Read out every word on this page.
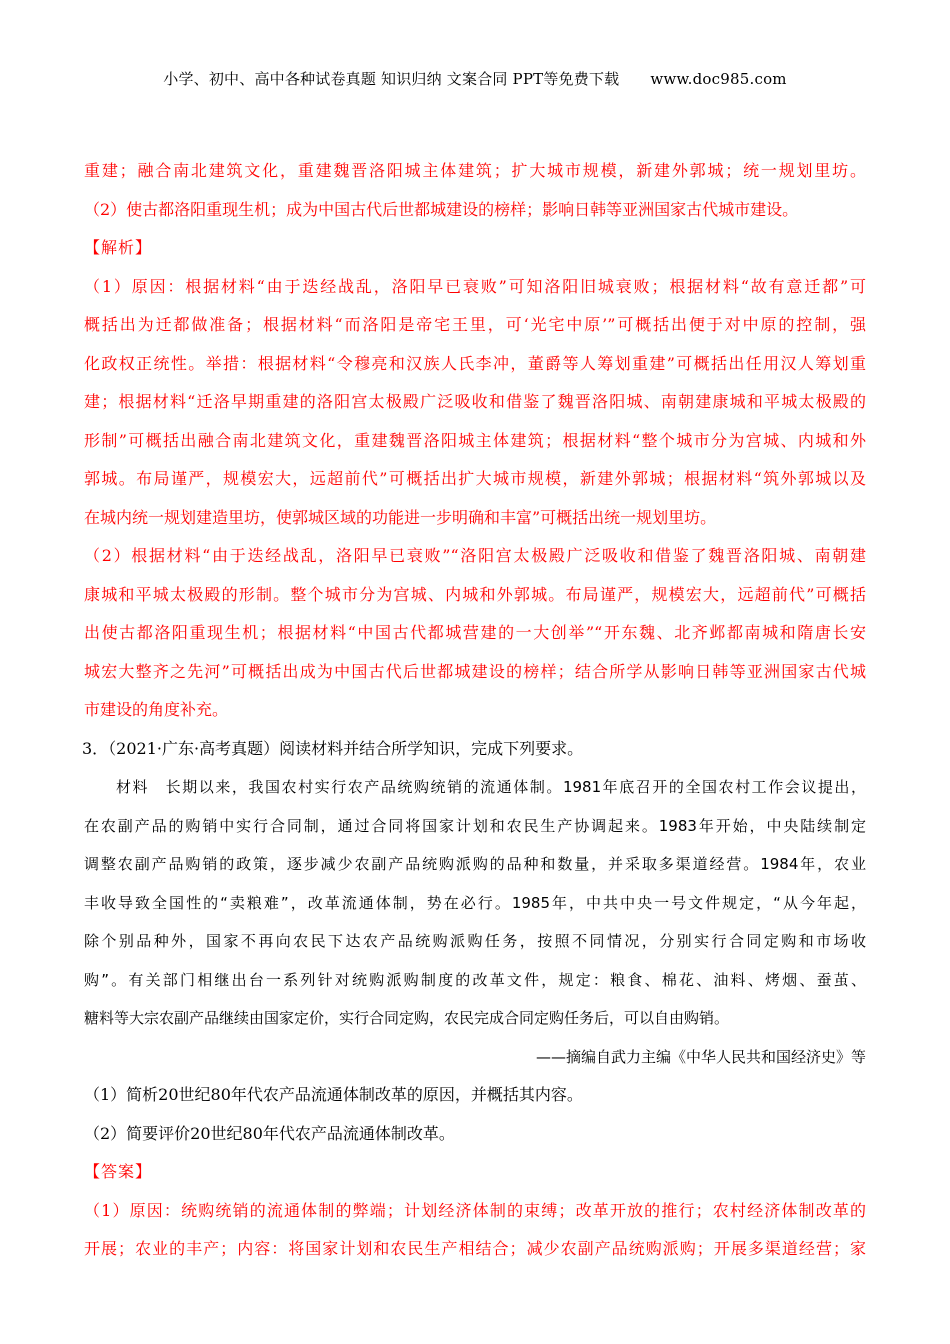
小学、初中、高中各种试卷真题 知识归纳 文案合同 PPT等免费下载 www.doc985.com
重建；融合南北建筑文化，重建魏晋洛阳城主体建筑；扩大城市规模，新建外郭城；统一规划里坊。
（2）使古都洛阳重现生机；成为中国古代后世都城建设的榜样；影响日韩等亚洲国家古代城市建设。
【解析】
（1）原因：根据材料“由于迭经战乱，洛阳早已衰败”可知洛阳旧城衰败；根据材料“故有意迁都”可
概括出为迁都做准备；根据材料“而洛阳是帝宅王里，可‘光宅中原’”可概括出便于对中原的控制，强
化政权正统性。举措：根据材料“令穆亮和汉族人氏李冲，董爵等人筹划重建”可概括出任用汉人筹划重
建；根据材料“迁洛早期重建的洛阳宫太极殿广泛吸收和借鉴了魏晋洛阳城、南朝建康城和平城太极殿的
形制”可概括出融合南北建筑文化，重建魏晋洛阳城主体建筑；根据材料“整个城市分为宫城、内城和外
郭城。布局谨严，规模宏大，远超前代”可概括出扩大城市规模，新建外郭城；根据材料“筑外郭城以及
在城内统一规划建造里坊，使郭城区域的功能进一步明确和丰富”可概括出统一规划里坊。
（2）根据材料“由于迭经战乱，洛阳早已衰败”“洛阳宫太极殿广泛吸收和借鉴了魏晋洛阳城、南朝建
康城和平城太极殿的形制。整个城市分为宫城、内城和外郭城。布局谨严，规模宏大，远超前代”可概括
出使古都洛阳重现生机；根据材料“中国古代都城营建的一大创举”“开东魏、北齐邺都南城和隋唐长安
城宏大整齐之先河”可概括出成为中国古代后世都城建设的榜样；结合所学从影响日韩等亚洲国家古代城
市建设的角度补充。
3．（2021·广东·高考真题）阅读材料并结合所学知识，完成下列要求。
材料　长期以来，我国农村实行农产品统购统销的流通体制。1981年底召开的全国农村工作会议提出，
在农副产品的购销中实行合同制，通过合同将国家计划和农民生产协调起来。1983年开始，中央陆续制定
调整农副产品购销的政策，逐步减少农副产品统购派购的品种和数量，并采取多渠道经营。1984年，农业
丰收导致全国性的“卖粮难”，改革流通体制，势在必行。1985年，中共中央一号文件规定，“从今年起，
除个别品种外，国家不再向农民下达农产品统购派购任务，按照不同情况，分别实行合同定购和市场收
购”。有关部门相继出台一系列针对统购派购制度的改革文件，规定：粮食、棉花、油料、烤烟、蚕茧、
糖料等大宗农副产品继续由国家定价，实行合同定购，农民完成合同定购任务后，可以自由购销。
——摘编自武力主编《中华人民共和国经济史》等
（1）简析20世纪80年代农产品流通体制改革的原因，并概括其内容。
（2）简要评价20世纪80年代农产品流通体制改革。
【答案】
（1）原因：统购统销的流通体制的弊端；计划经济体制的束缚；改革开放的推行；农村经济体制改革的
开展；农业的丰产；内容：将国家计划和农民生产相结合；减少农副产品统购派购；开展多渠道经营；家
